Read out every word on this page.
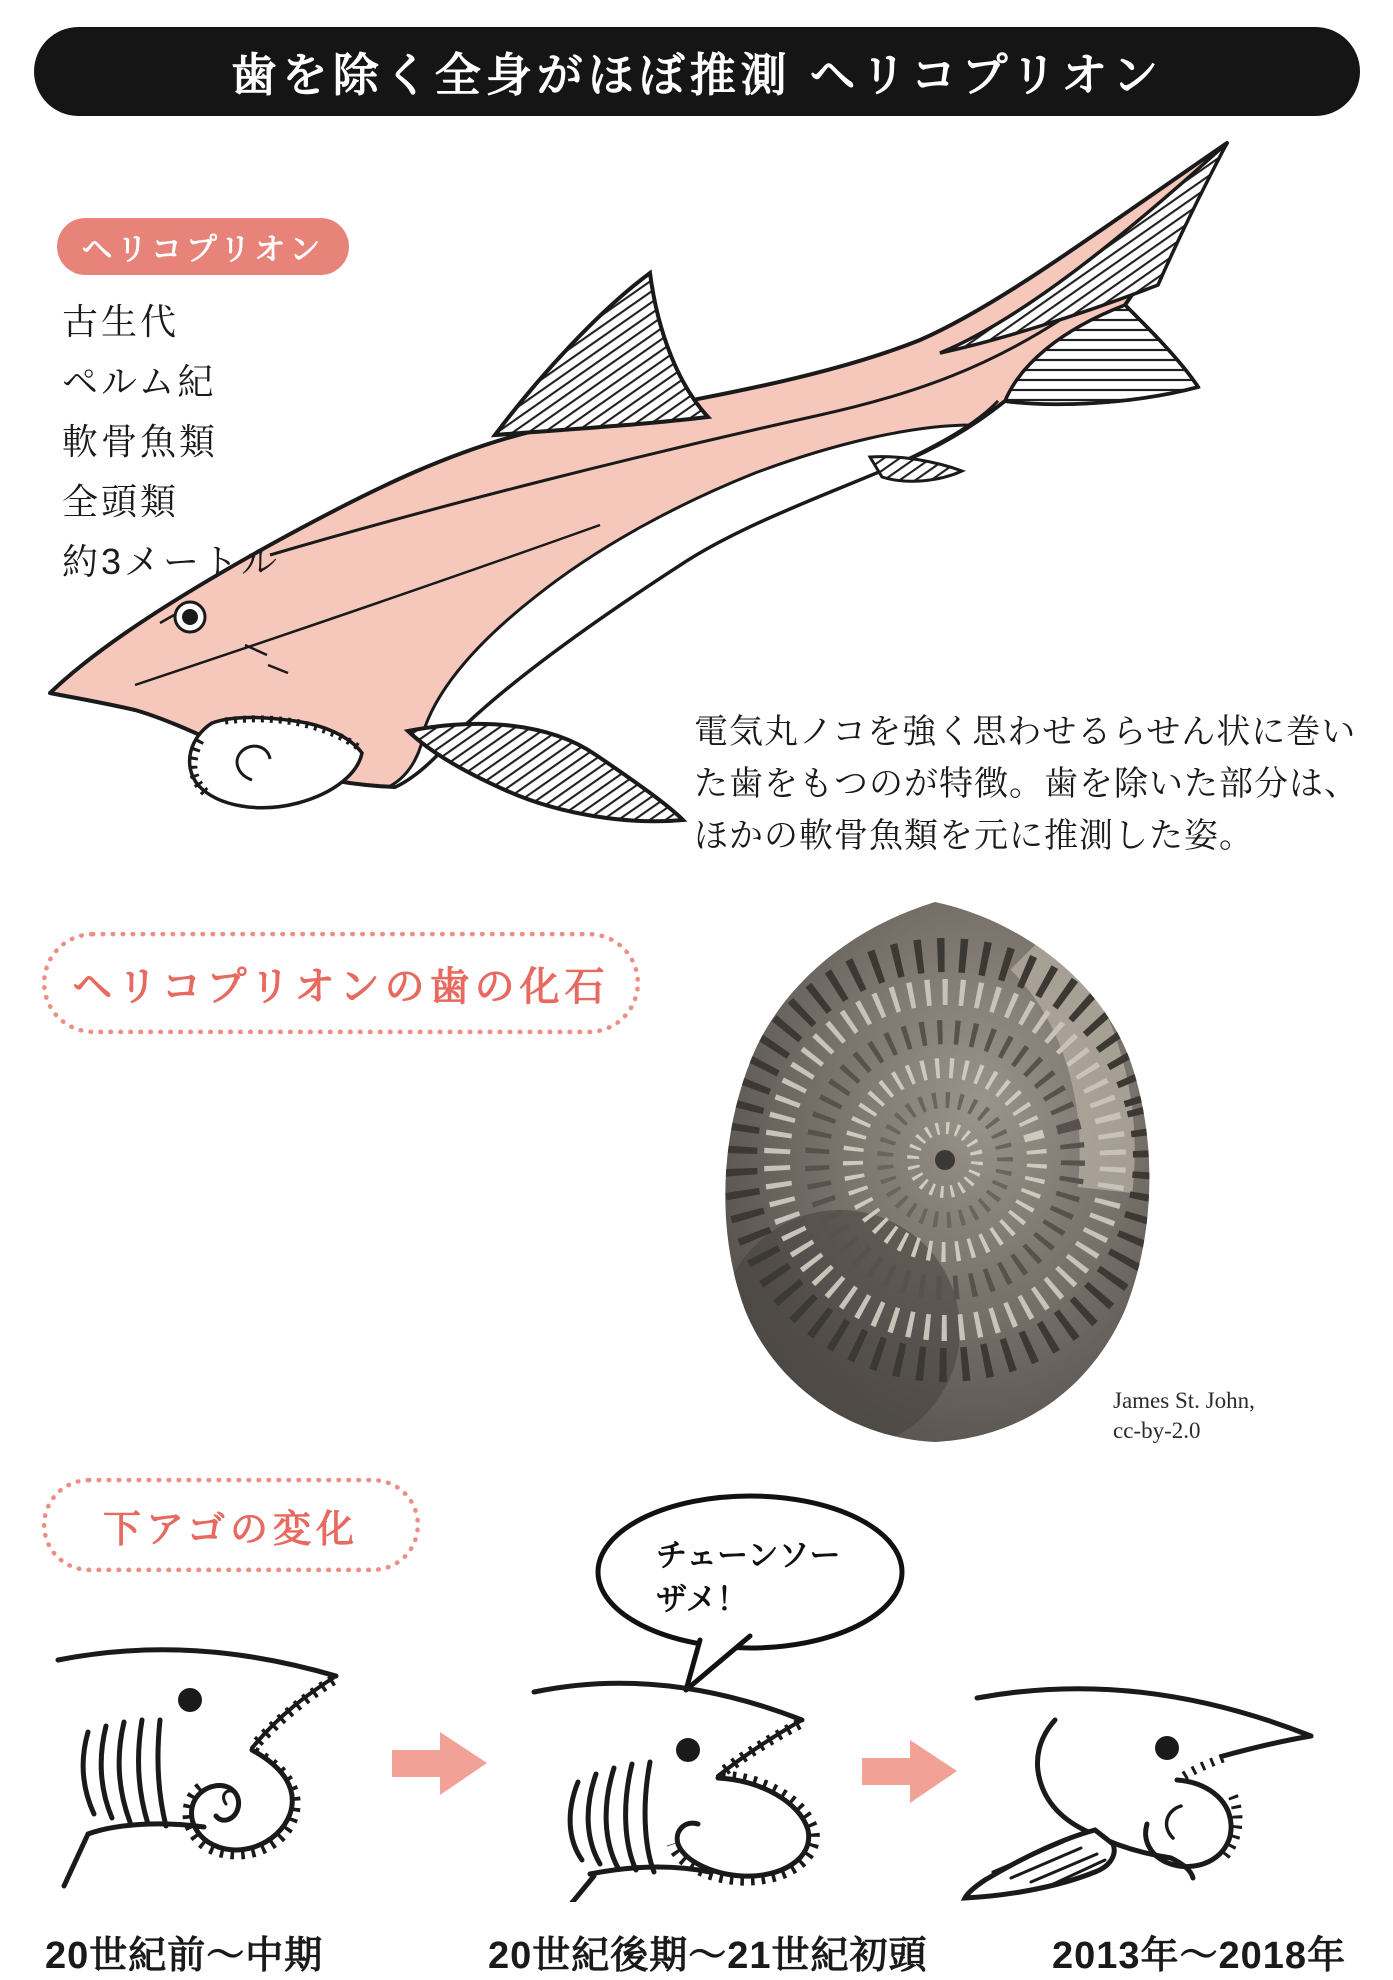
歯を除く全身がほぼ推測 ヘリコプリオン
ヘリコプリオン
古生代
ペルム紀
軟骨魚類
全頭類
約3メートル

電気丸ノコを強く思わせるらせん状に巻いた歯をもつのが特徴。歯を除いた部分は、ほかの軟骨魚類を元に推測した姿。

ヘリコプリオンの歯の化石
James St. John,
cc-by-2.0
下アゴの変化
チェーンソー
ザメ！
20世紀前～中期	20世紀後期～21世紀初頭	2013年～2018年
